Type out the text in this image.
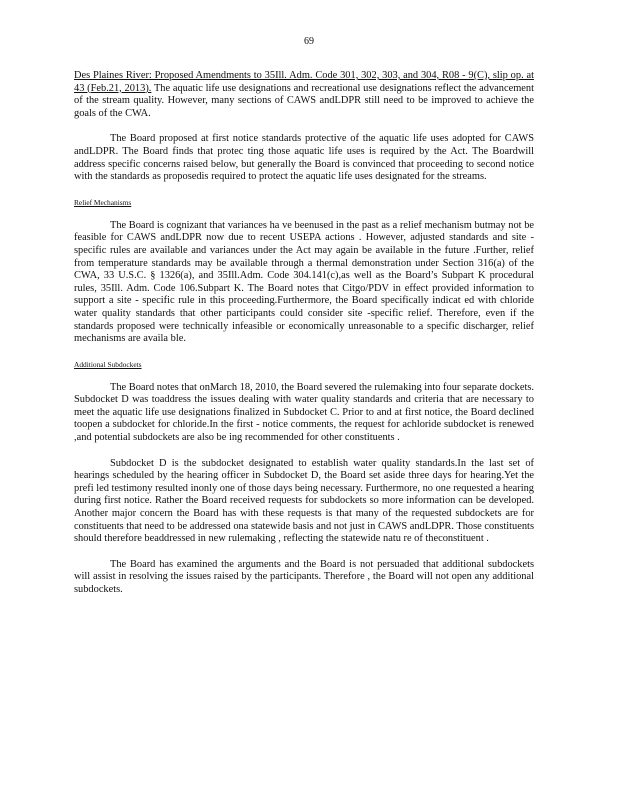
69

Des Plaines River: Proposed Amendments to 35Ill. Adm. Code 301, 302, 303, and 304, R08 - 9(C), slip op. at 43 (Feb.21, 2013). The aquatic life use designations and recreational use designations reflect the advancement of the stream quality. However, many sections of CAWS andLDPR still need to be improved to achieve the goals of the CWA.

The Board proposed at first notice standards protective of the aquatic life uses adopted for CAWS andLDPR. The Board finds that protec ting those aquatic life uses is required by the Act. The Boardwill address specific concerns raised below, but generally the Board is convinced that proceeding to second notice with the standards as proposedis required to protect the aquatic life uses designated for the streams.

Relief Mechanisms

The Board is cognizant that variances ha ve beenused in the past as a relief mechanism butmay not be feasible for CAWS andLDPR now due to recent USEPA actions . However, adjusted standards and site -specific rules are available and variances under the Act may again be available in the future .Further, relief from temperature standards may be available through a thermal demonstration under Section 316(a) of the CWA, 33 U.S.C. § 1326(a), and 35Ill.Adm. Code 304.141(c),as well as the Board’s Subpart K procedural rules, 35Ill. Adm. Code 106.Subpart K. The Board notes that Citgo/PDV in effect provided information to support a site - specific rule in this proceeding.Furthermore, the Board specifically indicat ed with chloride water quality standards that other participants could consider site -specific relief. Therefore, even if the standards proposed were technically infeasible or economically unreasonable to a specific discharger, relief mechanisms are availa ble.

Additional Subdockets

The Board notes that onMarch 18, 2010, the Board severed the rulemaking into four separate dockets. Subdocket D was toaddress the issues dealing with water quality standards and criteria that are necessary to meet the aquatic life use designations finalized in Subdocket C. Prior to and at first notice, the Board declined toopen a subdocket for chloride.In the first - notice comments, the request for achloride subdocket is renewed ,and potential subdockets are also be ing recommended for other constituents .

Subdocket D is the subdocket designated to establish water quality standards.In the last set of hearings scheduled by the hearing officer in Subdocket D, the Board set aside three days for hearing.Yet the prefi led testimony resulted inonly one of those days being necessary. Furthermore, no one requested a hearing during first notice. Rather the Board received requests for subdockets so more information can be developed. Another major concern the Board has with these requests is that many of the requested subdockets are for constituents that need to be addressed ona statewide basis and not just in CAWS andLDPR. Those constituents should therefore beaddressed in new rulemaking , reflecting the statewide natu re of theconstituent .

The Board has examined the arguments and the Board is not persuaded that additional subdockets will assist in resolving the issues raised by the participants. Therefore , the Board will not open any additional subdockets.
